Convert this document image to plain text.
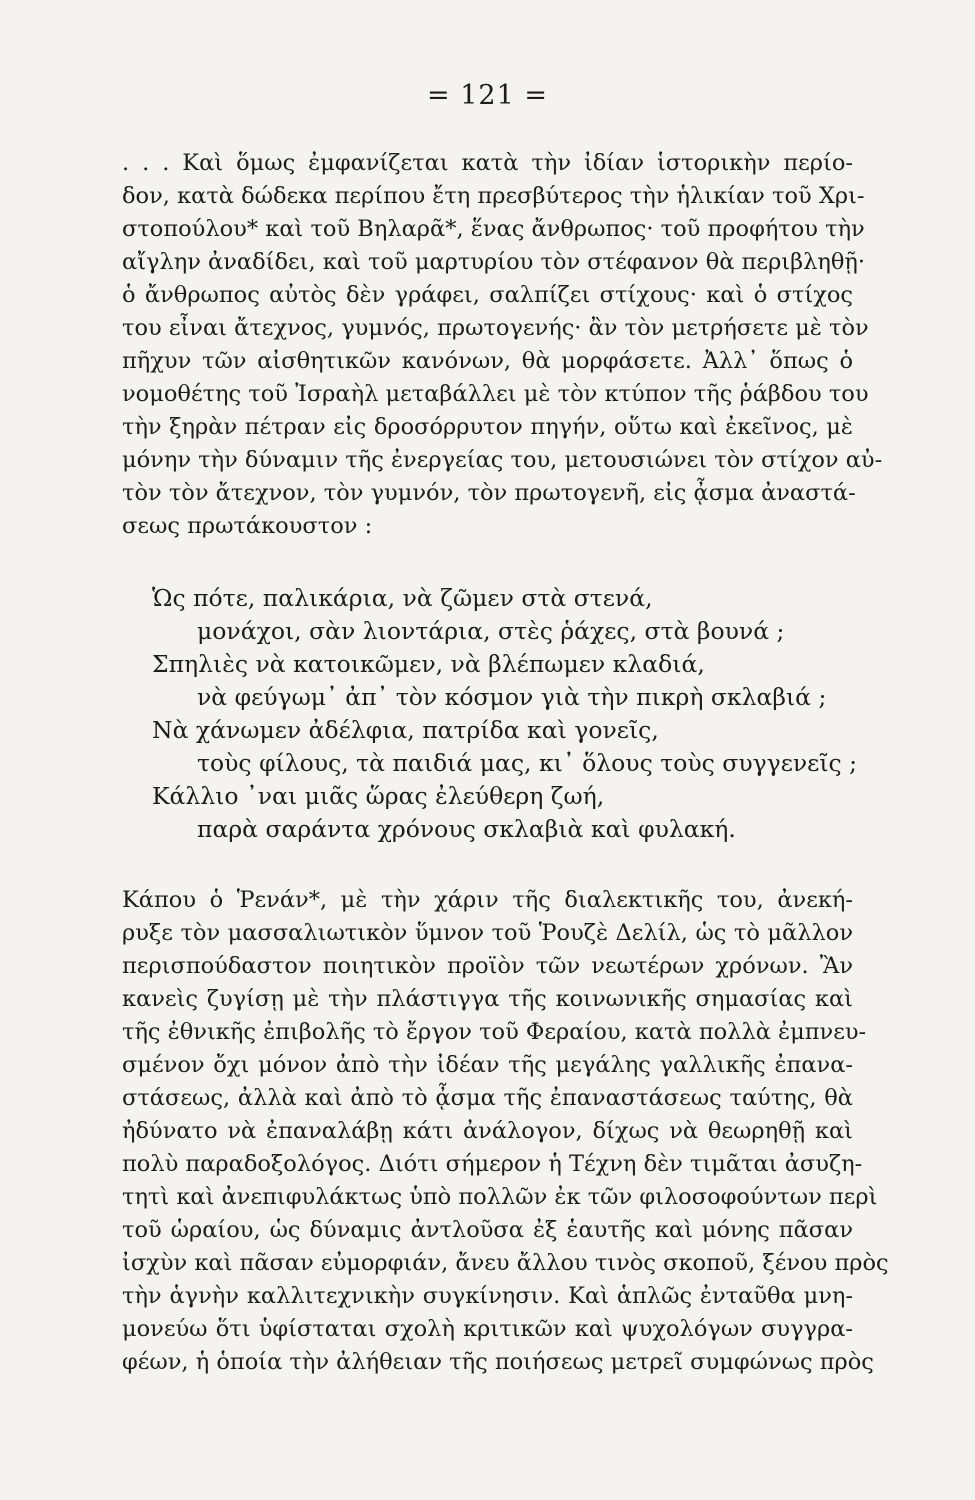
= 121 =
. . . Καὶ ὅμως ἐμφανίζεται κατὰ τὴν ἰδίαν ἱστορικὴν περίο-
δον, κατὰ δώδεκα περίπου ἔτη πρεσβύτερος τὴν ἡλικίαν τοῦ Χρι-
στοπούλου* καὶ τοῦ Βηλαρᾶ*, ἕνας ἄνθρωπος· τοῦ προφήτου τὴν
αἴγλην ἀναδίδει, καὶ τοῦ μαρτυρίου τὸν στέφανον θὰ περιβληθῇ·
ὁ ἄνθρωπος αὐτὸς δὲν γράφει, σαλπίζει στίχους· καὶ ὁ στίχος
του εἶναι ἄτεχνος, γυμνός, πρωτογενής· ἂν τὸν μετρήσετε μὲ τὸν
πῆχυν τῶν αἰσθητικῶν κανόνων, θὰ μορφάσετε. Ἀλλ᾽ ὅπως ὁ
νομοθέτης τοῦ Ἰσραὴλ μεταβάλλει μὲ τὸν κτύπον τῆς ῥάβδου του
τὴν ξηρὰν πέτραν εἰς δροσόρρυτον πηγήν, οὕτω καὶ ἐκεῖνος, μὲ
μόνην τὴν δύναμιν τῆς ἐνεργείας του, μετουσιώνει τὸν στίχον αὐ-
τὸν τὸν ἄτεχνον, τὸν γυμνόν, τὸν πρωτογενῆ, εἰς ᾆσμα ἀναστά-
σεως πρωτάκουστον :
Ὡς πότε, παλικάρια, νὰ ζῶμεν στὰ στενά,
μονάχοι, σὰν λιοντάρια, στὲς ῥάχες, στὰ βουνά ;
Σπηλιὲς νὰ κατοικῶμεν, νὰ βλέπωμεν κλαδιά,
νὰ φεύγωμ᾽ ἀπ᾽ τὸν κόσμον γιὰ τὴν πικρὴ σκλαβιά ;
Νὰ χάνωμεν ἀδέλφια, πατρίδα καὶ γονεῖς,
τοὺς φίλους, τὰ παιδιά μας, κι᾽ ὅλους τοὺς συγγενεῖς ;
Κάλλιο ᾽ναι μιᾶς ὥρας ἐλεύθερη ζωή,
παρὰ σαράντα χρόνους σκλαβιὰ καὶ φυλακή.
Κάπου ὁ Ῥενάν*, μὲ τὴν χάριν τῆς διαλεκτικῆς του, ἀνεκή-
ρυξε τὸν μασσαλιωτικὸν ὕμνον τοῦ Ῥουζὲ Δελίλ, ὡς τὸ μᾶλλον
περισπούδαστον ποιητικὸν προϊὸν τῶν νεωτέρων χρόνων. Ἂν
κανεὶς ζυγίσῃ μὲ τὴν πλάστιγγα τῆς κοινωνικῆς σημασίας καὶ
τῆς ἐθνικῆς ἐπιβολῆς τὸ ἔργον τοῦ Φεραίου, κατὰ πολλὰ ἐμπνευ-
σμένον ὄχι μόνον ἀπὸ τὴν ἰδέαν τῆς μεγάλης γαλλικῆς ἐπανα-
στάσεως, ἀλλὰ καὶ ἀπὸ τὸ ᾆσμα τῆς ἐπαναστάσεως ταύτης, θὰ
ἠδύνατο νὰ ἐπαναλάβῃ κάτι ἀνάλογον, δίχως νὰ θεωρηθῇ καὶ
πολὺ παραδοξολόγος. Διότι σήμερον ἡ Τέχνη δὲν τιμᾶται ἀσυζη-
τητὶ καὶ ἀνεπιφυλάκτως ὑπὸ πολλῶν ἐκ τῶν φιλοσοφούντων περὶ
τοῦ ὡραίου, ὡς δύναμις ἀντλοῦσα ἐξ ἑαυτῆς καὶ μόνης πᾶσαν
ἰσχὺν καὶ πᾶσαν εὐμορφιάν, ἄνευ ἄλλου τινὸς σκοποῦ, ξένου πρὸς
τὴν ἁγνὴν καλλιτεχνικὴν συγκίνησιν. Καὶ ἁπλῶς ἐνταῦθα μνη-
μονεύω ὅτι ὑφίσταται σχολὴ κριτικῶν καὶ ψυχολόγων συγγρα-
φέων, ἡ ὁποία τὴν ἀλήθειαν τῆς ποιήσεως μετρεῖ συμφώνως πρὸς
